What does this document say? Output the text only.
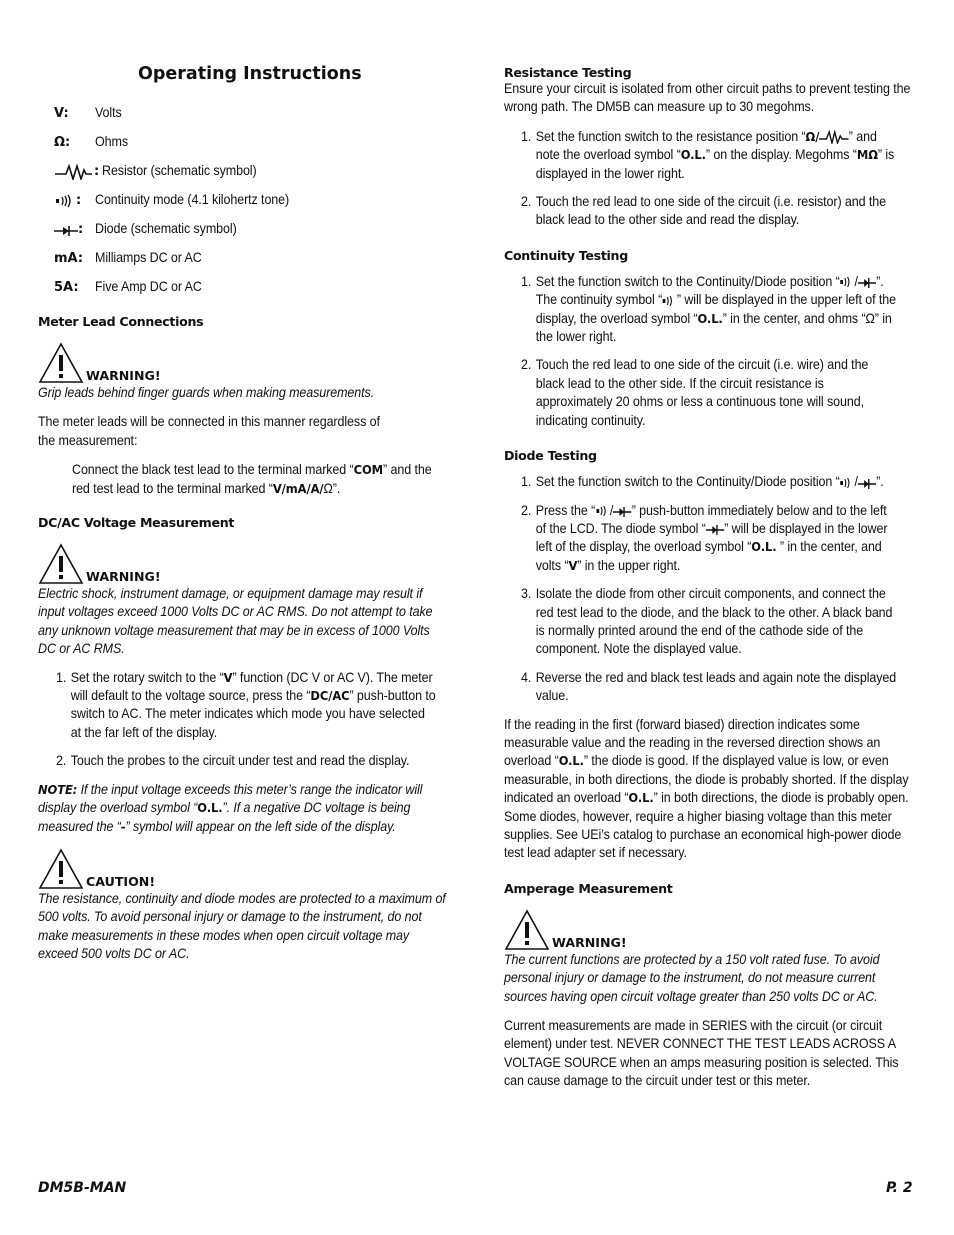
Operating Instructions
V:	Volts
Ω:	Ohms
: Resistor (schematic symbol)
: Continuity mode (4.1 kilohertz tone)
: Diode (schematic symbol)
mA: Milliamps DC or AC
5A:	Five Amp DC or AC
Meter Lead Connections
WARNING!

Grip leads behind finger guards when making measurements.

The meter leads will be connected in this manner regardless of the measurement:

Connect the black test lead to the terminal marked “COM” and the red test lead to the terminal marked “V/mA/A/Ω”.

DC/AC Voltage Measurement
WARNING!

Electric shock, instrument damage, or equipment damage may result if input voltages exceed 1000 Volts DC or AC RMS. Do not attempt to take any unknown voltage measurement that may be in excess of 1000 Volts DC or AC RMS.

1. Set the rotary switch to the “V” function (DC V or AC V). The meter will default to the voltage source, press the “DC/AC” push-button to switch to AC. The meter indicates which mode you have selected at the far left of the display.
2. Touch the probes to the circuit under test and read the display.

NOTE: If the input voltage exceeds this meter’s range the indicator will display the overload symbol “O.L.”. If a negative DC voltage is being measured the “-” symbol will appear on the left side of the display.

CAUTION!

The resistance, continuity and diode modes are protected to a maximum of 500 volts. To avoid personal injury or damage to the instrument, do not make measurements in these modes when open circuit voltage may exceed 500 volts DC or AC.

Resistance Testing

Ensure your circuit is isolated from other circuit paths to prevent testing the wrong path. The DM5B can measure up to 30 megohms.

1. Set the function switch to the resistance position “Ω/ ” and note the overload symbol “O.L.” on the display. Megohms “MΩ” is displayed in the lower right.
2. Touch the red lead to one side of the circuit (i.e. resistor) and the black lead to the other side and read the display.
Continuity Testing
1. Set the function switch to the Continuity/Diode position “ / ”. The continuity symbol “ ” will be displayed in the upper left of the display, the overload symbol “O.L.” in the center, and ohms “Ω” in the lower right.
2. Touch the red lead to one side of the circuit (i.e. wire) and the black lead to the other side. If the circuit resistance is approximately 20 ohms or less a continuous tone will sound, indicating continuity.
Diode Testing
1. Set the function switch to the Continuity/Diode position “ / ”.
2. Press the “ / ” push-button immediately below and to the left of the LCD. The diode symbol “ ” will be displayed in the lower left of the display, the overload symbol “O.L. ” in the center, and volts “V” in the upper right.
3. Isolate the diode from other circuit components, and connect the red test lead to the diode, and the black to the other. A black band is normally printed around the end of the cathode side of the component. Note the displayed value.
4. Reverse the red and black test leads and again note the displayed value.

If the reading in the first (forward biased) direction indicates some measurable value and the reading in the reversed direction shows an overload “O.L.” the diode is good. If the displayed value is low, or even measurable, in both directions, the diode is probably shorted. If the display indicated an overload “O.L.” in both directions, the diode is probably open. Some diodes, however, require a higher biasing voltage than this meter supplies. See UEi’s catalog to purchase an economical high-power diode test lead adapter set if necessary.

Amperage Measurement
WARNING!

The current functions are protected by a 150 volt rated fuse. To avoid personal injury or damage to the instrument, do not measure current sources having open circuit voltage greater than 250 volts DC or AC.

Current measurements are made in SERIES with the circuit (or circuit element) under test. NEVER CONNECT THE TEST LEADS ACROSS A VOLTAGE SOURCE when an amps measuring position is selected. This can cause damage to the circuit under test or this meter.

DM5B-MAN	P. 2
